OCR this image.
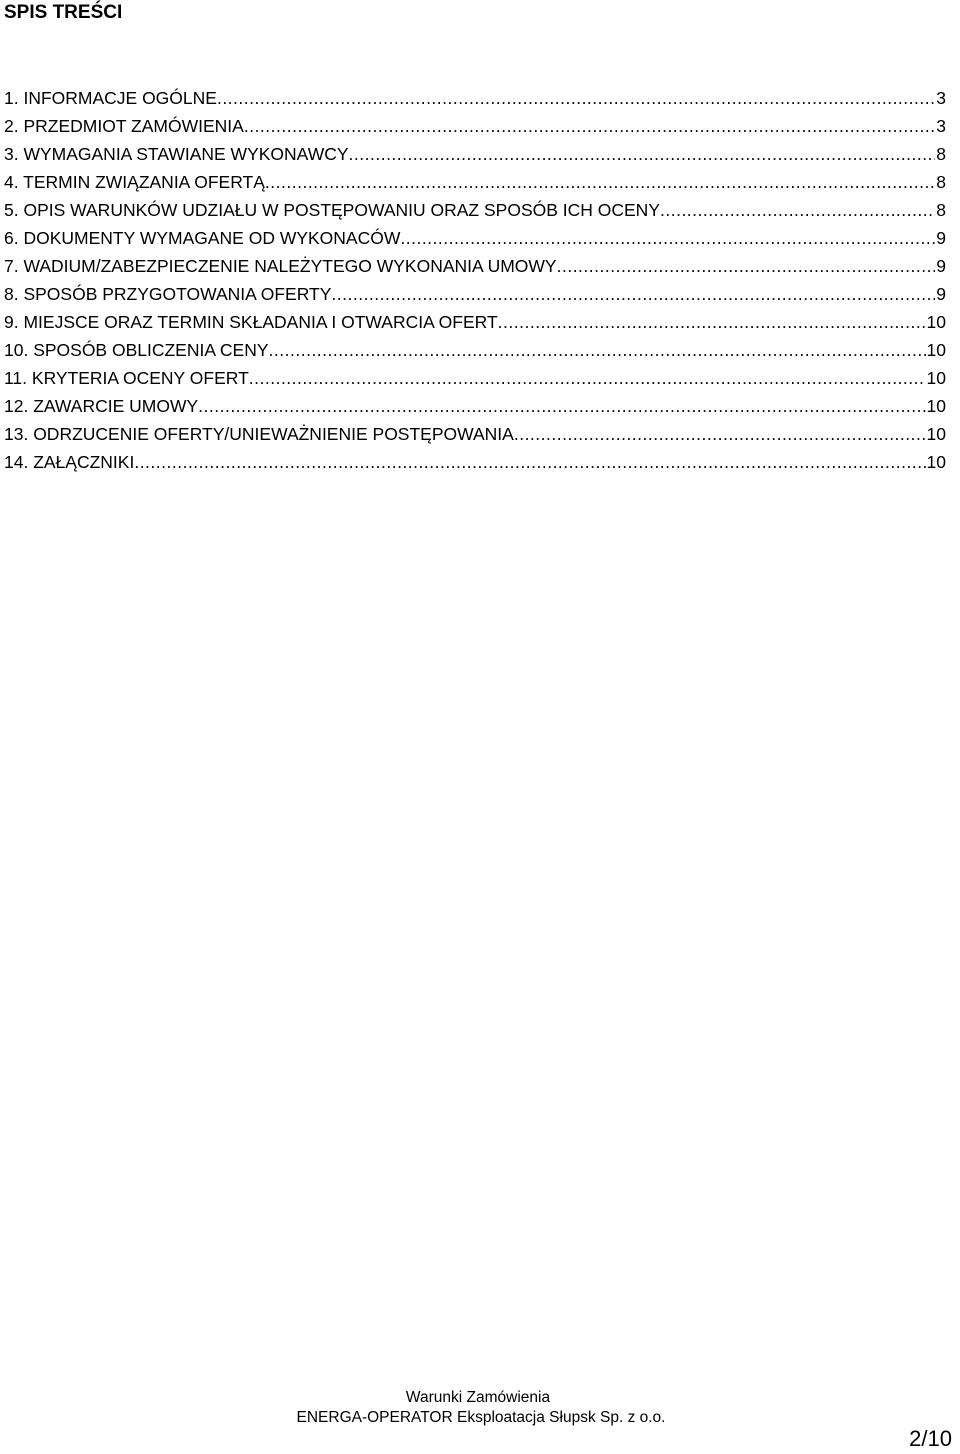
SPIS TREŚCI
1. INFORMACJE OGÓLNE .....	3
2. PRZEDMIOT ZAMÓWIENIA .....	3
3. WYMAGANIA STAWIANE WYKONAWCY .....	8
4. TERMIN ZWIĄZANIA OFERTĄ .....	8
5. OPIS WARUNKÓW UDZIAŁU W POSTĘPOWANIU ORAZ SPOSÓB ICH OCENY .....	8
6. DOKUMENTY WYMAGANE OD WYKONACÓW .....	9
7. WADIUM/ZABEZPIECZENIE NALEŻYTEGO WYKONANIA UMOWY .....	9
8. SPOSÓB PRZYGOTOWANIA OFERTY .....	9
9. MIEJSCE ORAZ TERMIN SKŁADANIA I OTWARCIA OFERT .....	10
10. SPOSÓB OBLICZENIA CENY .....	10
11. KRYTERIA OCENY OFERT .....	10
12. ZAWARCIE UMOWY .....	10
13. ODRZUCENIE OFERTY/UNIEWAŻNIENIE POSTĘPOWANIA .....	10
14. ZAŁĄCZNIKI .....	10
Warunki Zamówienia
ENERGA-OPERATOR Eksploatacja Słupsk Sp. z o.o.
2/10
